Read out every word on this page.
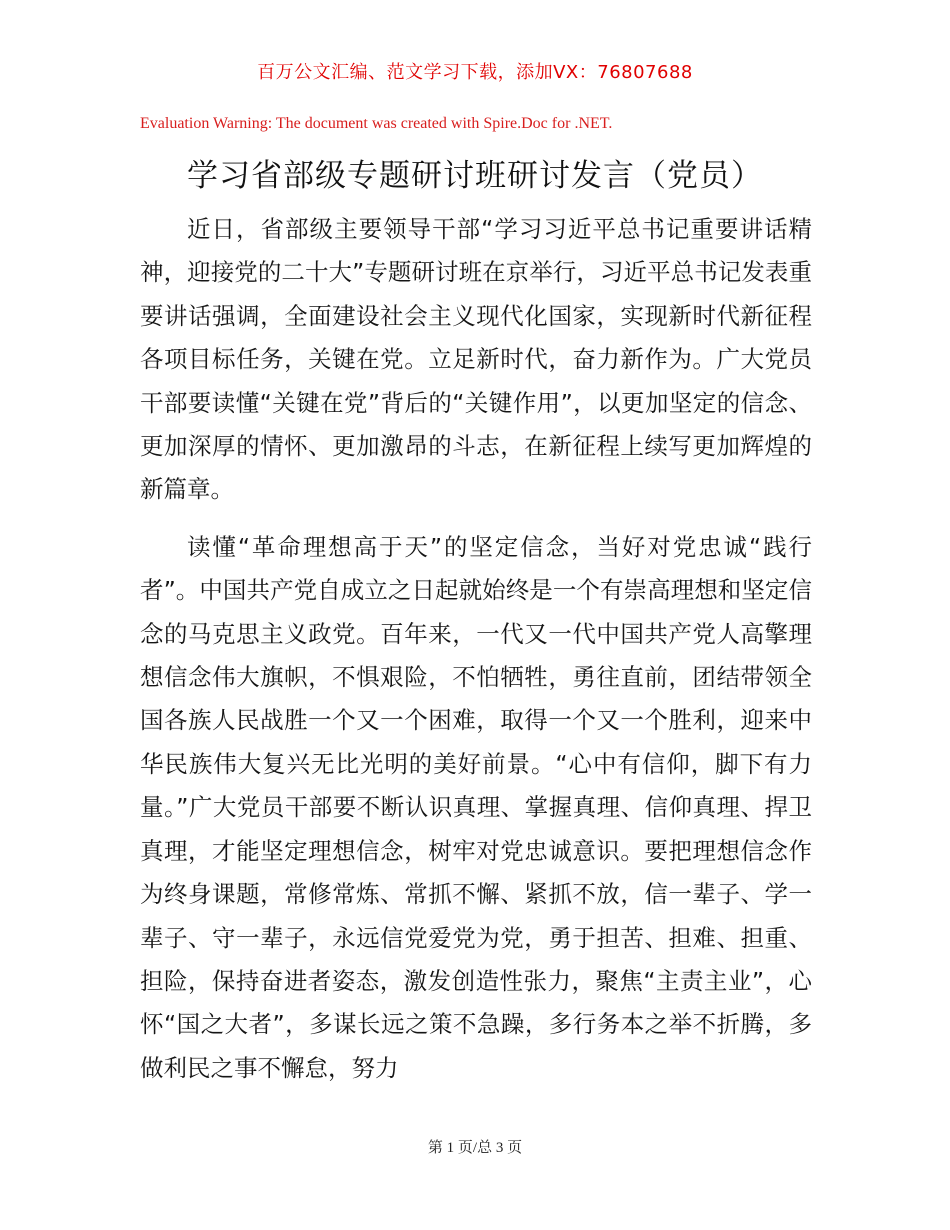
百万公文汇编、范文学习下载，添加VX：76807688
Evaluation Warning: The document was created with Spire.Doc for .NET.
学习省部级专题研讨班研讨发言（党员）

近日，省部级主要领导干部“学习习近平总书记重要讲话精神，迎接党的二十大”专题研讨班在京举行，习近平总书记发表重要讲话强调，全面建设社会主义现代化国家，实现新时代新征程各项目标任务，关键在党。立足新时代，奋力新作为。广大党员干部要读懂“关键在党”背后的“关键作用”，以更加坚定的信念、更加深厚的情怀、更加激昂的斗志，在新征程上续写更加辉煌的新篇章。

读懂“革命理想高于天”的坚定信念，当好对党忠诚“践行者”。中国共产党自成立之日起就始终是一个有崇高理想和坚定信念的马克思主义政党。百年来，一代又一代中国共产党人高擎理想信念伟大旗帜，不惧艰险，不怕牺牲，勇往直前，团结带领全国各族人民战胜一个又一个困难，取得一个又一个胜利，迎来中华民族伟大复兴无比光明的美好前景。“心中有信仰，脚下有力量。”广大党员干部要不断认识真理、掌握真理、信仰真理、捍卫真理，才能坚定理想信念，树牢对党忠诚意识。要把理想信念作为终身课题，常修常炼、常抓不懈、紧抓不放，信一辈子、学一辈子、守一辈子，永远信党爱党为党，勇于担苦、担难、担重、担险，保持奋进者姿态，激发创造性张力，聚焦“主责主业”，心怀“国之大者”，多谋长远之策不急躁，多行务本之举不折腾，多做利民之事不懈怠，努力

第 1 页/总 3 页
